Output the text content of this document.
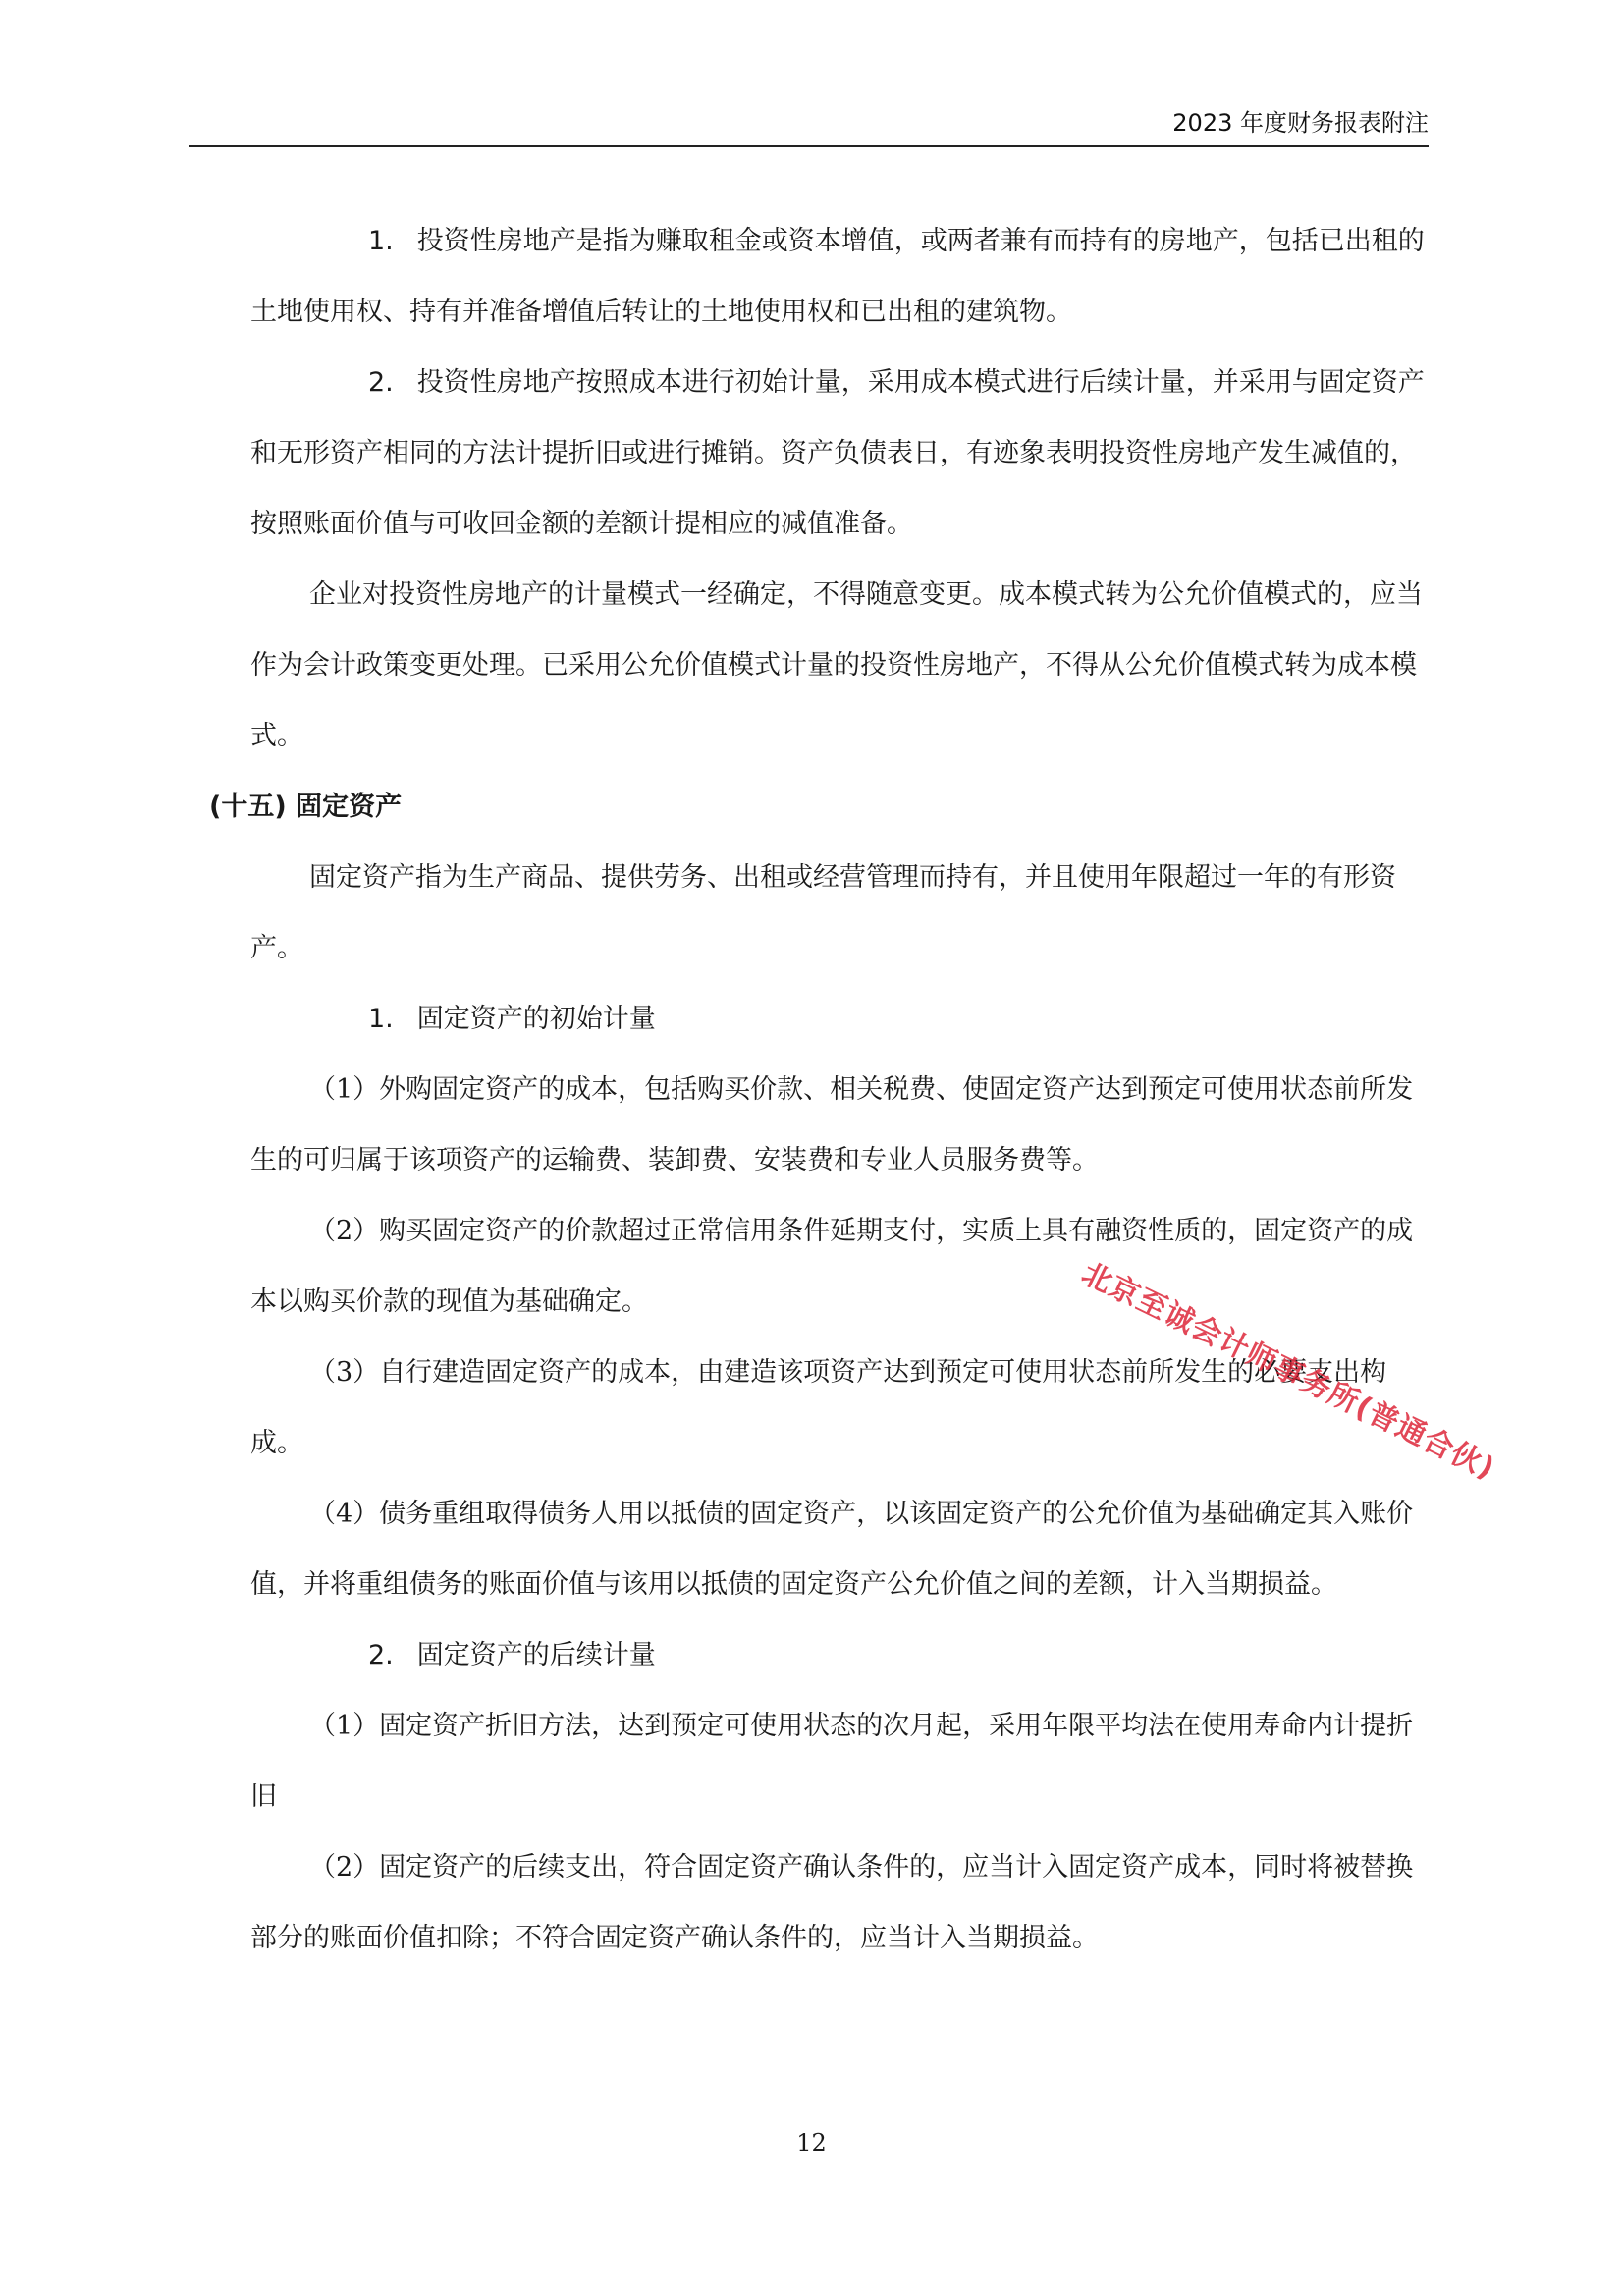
2023 年度财务报表附注

1. 投资性房地产是指为赚取租金或资本增值，或两者兼有而持有的房地产，包括已出租的土地使用权、持有并准备增值后转让的土地使用权和已出租的建筑物。

2. 投资性房地产按照成本进行初始计量，采用成本模式进行后续计量，并采用与固定资产和无形资产相同的方法计提折旧或进行摊销。资产负债表日，有迹象表明投资性房地产发生减值的，按照账面价值与可收回金额的差额计提相应的减值准备。

企业对投资性房地产的计量模式一经确定，不得随意变更。成本模式转为公允价值模式的，应当作为会计政策变更处理。已采用公允价值模式计量的投资性房地产，不得从公允价值模式转为成本模式。

(十五) 固定资产

固定资产指为生产商品、提供劳务、出租或经营管理而持有，并且使用年限超过一年的有形资产。

1. 固定资产的初始计量

（1）外购固定资产的成本，包括购买价款、相关税费、使固定资产达到预定可使用状态前所发生的可归属于该项资产的运输费、装卸费、安装费和专业人员服务费等。

（2）购买固定资产的价款超过正常信用条件延期支付，实质上具有融资性质的，固定资产的成本以购买价款的现值为基础确定。

（3）自行建造固定资产的成本，由建造该项资产达到预定可使用状态前所发生的必要支出构成。

（4）债务重组取得债务人用以抵债的固定资产，以该固定资产的公允价值为基础确定其入账价值，并将重组债务的账面价值与该用以抵债的固定资产公允价值之间的差额，计入当期损益。

2. 固定资产的后续计量

（1）固定资产折旧方法，达到预定可使用状态的次月起，采用年限平均法在使用寿命内计提折旧

（2）固定资产的后续支出，符合固定资产确认条件的，应当计入固定资产成本，同时将被替换部分的账面价值扣除；不符合固定资产确认条件的，应当计入当期损益。

北京至诚会计师事务所(普通合伙)
12
